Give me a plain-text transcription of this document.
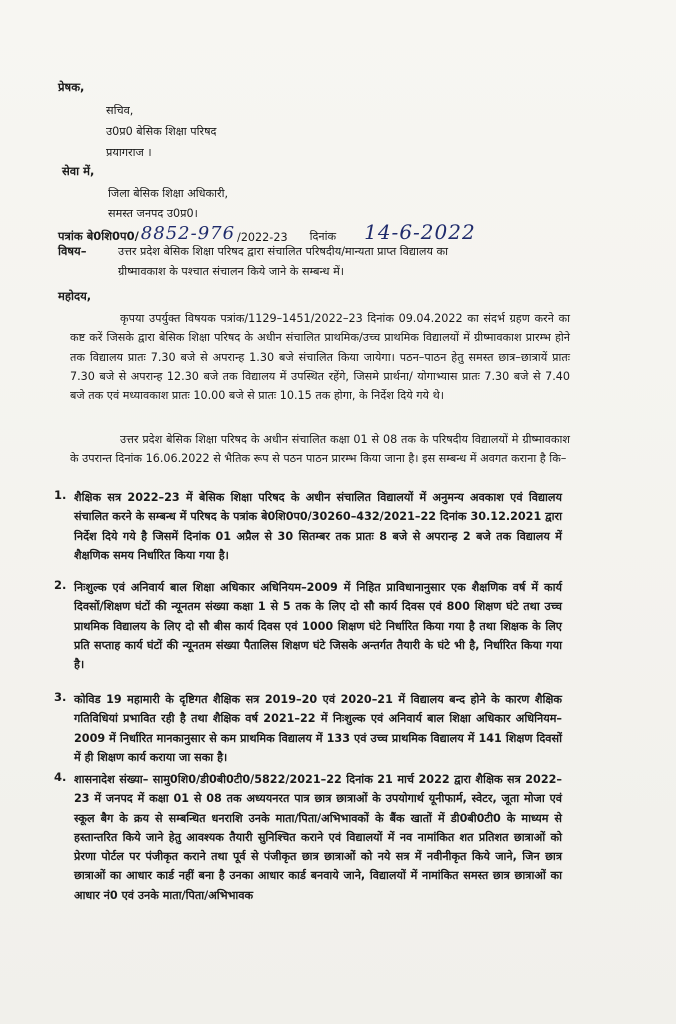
प्रेषक,
सचिव,
उ0प्र0 बेसिक शिक्षा परिषद
प्रयागराज ।
सेवा में,
जिला बेसिक शिक्षा अधिकारी,
समस्त जनपद उ0प्र0।
पत्रांक बे0शि0प0/ 8852-976 /2022-23 दिनांक 14-6-2022
विषय–	उत्तर प्रदेश बेसिक शिक्षा परिषद द्वारा संचालित परिषदीय/मान्यता प्राप्त विद्यालय का
ग्रीष्मावकाश के पश्चात संचालन किये जाने के सम्बन्ध में।
महोदय,
कृपया उपर्युक्त विषयक पत्रांक/1129–1451/2022–23 दिनांक 09.04.2022 का संदर्भ ग्रहण करने का कष्ट करें जिसके द्वारा बेसिक शिक्षा परिषद के अधीन संचालित प्राथमिक/उच्च प्राथमिक विद्यालयों में ग्रीष्मावकाश प्रारम्भ होने तक विद्यालय प्रातः 7.30 बजे से अपरान्ह 1.30 बजे संचालित किया जायेगा। पठन–पाठन हेतु समस्त छात्र–छात्रायें प्रातः 7.30 बजे से अपरान्ह 12.30 बजे तक विद्यालय में उपस्थित रहेंगे, जिसमे प्रार्थना/ योगाभ्यास प्रातः 7.30 बजे से 7.40 बजे तक एवं मध्यावकाश प्रातः 10.00 बजे से प्रातः 10.15 तक होगा, के निर्देश दिये गये थे।
उत्तर प्रदेश बेसिक शिक्षा परिषद के अधीन संचालित कक्षा 01 से 08 तक के परिषदीय विद्यालयों मे ग्रीष्मावकाश के उपरान्त दिनांक 16.06.2022 से भैतिक रूप से पठन पाठन प्रारम्भ किया जाना है। इस सम्बन्ध में अवगत कराना है कि–
1. शैक्षिक सत्र 2022–23 में बेसिक शिक्षा परिषद के अधीन संचालित विद्यालयों में अनुमन्य अवकाश एवं विद्यालय संचालित करने के सम्बन्ध में परिषद के पत्रांक बे0शि0प0/30260–432/2021–22 दिनांक 30.12.2021 द्वारा निर्देश दिये गये है जिसमें दिनांक 01 अप्रैल से 30 सितम्बर तक प्रातः 8 बजे से अपरान्ह 2 बजे तक विद्यालय में शैक्षणिक समय निर्धारित किया गया है।
2. निःशुल्क एवं अनिवार्य बाल शिक्षा अधिकार अधिनियम–2009 में निहित प्राविधानानुसार एक शैक्षणिक वर्ष में कार्य दिवसों/शिक्षण घंटों की न्यूनतम संख्या कक्षा 1 से 5 तक के लिए दो सौ कार्य दिवस एवं 800 शिक्षण घंटे तथा उच्च प्राथमिक विद्यालय के लिए दो सौ बीस कार्य दिवस एवं 1000 शिक्षण घंटे निर्धारित किया गया है तथा शिक्षक के लिए प्रति सप्ताह कार्य घंटों की न्यूनतम संख्या पैतालिस शिक्षण घंटे जिसके अन्तर्गत तैयारी के घंटे भी है, निर्धारित किया गया है।
3. कोविड 19 महामारी के दृष्टिगत शैक्षिक सत्र 2019–20 एवं 2020–21 में विद्यालय बन्द होने के कारण शैक्षिक गतिविधियां प्रभावित रही है तथा शैक्षिक वर्ष 2021–22 में निःशुल्क एवं अनिवार्य बाल शिक्षा अधिकार अधिनियम–2009 में निर्धारित मानकानुसार से कम प्राथमिक विद्यालय में 133 एवं उच्च प्राथमिक विद्यालय में 141 शिक्षण दिवसों में ही शिक्षण कार्य कराया जा सका है।
4. शासनादेश संख्या– सामु0शि0/डी0बी0टी0/5822/2021–22 दिनांक 21 मार्च 2022 द्वारा शैक्षिक सत्र 2022–23 में जनपद में कक्षा 01 से 08 तक अध्ययनरत पात्र छात्र छात्राओं के उपयोगार्थ यूनीफार्म, स्वेटर, जूता मोजा एवं स्कूल बैग के क्रय से सम्बन्धित धनराशि उनके माता/पिता/अभिभावकों के बैंक खातों में डी0बी0टी0 के माध्यम से हस्तान्तरित किये जाने हेतु आवश्यक तैयारी सुनिश्चित कराने एवं विद्यालयों में नव नामांकित शत प्रतिशत छात्राओं को प्रेरणा पोर्टल पर पंजीकृत कराने तथा पूर्व से पंजीकृत छात्र छात्राओं को नये सत्र में नवीनीकृत किये जाने, जिन छात्र छात्राओं का आधार कार्ड नहीं बना है उनका आधार कार्ड बनवाये जाने, विद्यालयों में नामांकित समस्त छात्र छात्राओं का आधार नं0 एवं उनके माता/पिता/अभिभावक
